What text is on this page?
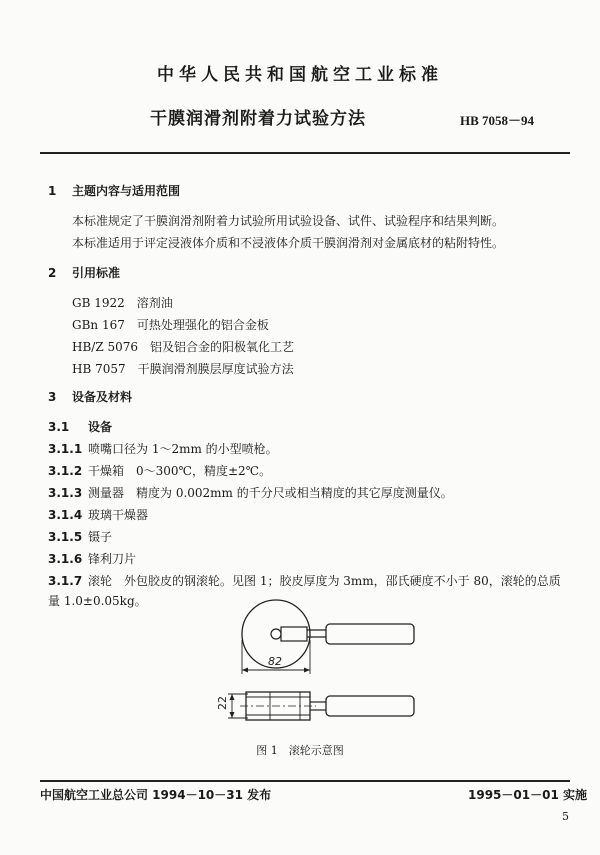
中华人民共和国航空工业标准
干膜润滑剂附着力试验方法	HB 7058－94
1 主题内容与适用范围
本标准规定了干膜润滑剂附着力试验所用试验设备、试件、试验程序和结果判断。
本标准适用于评定浸液体介质和不浸液体介质干膜润滑剂对金属底材的粘附特性。
2 引用标准
GB 1922　溶剂油
GBn 167　可热处理强化的铝合金板
HB/Z 5076　铝及铝合金的阳极氧化工艺
HB 7057　干膜润滑剂膜层厚度试验方法
3 设备及材料
3.1 设备
3.1.1 喷嘴口径为 1～2mm 的小型喷枪。
3.1.2 干燥箱　0～300℃，精度±2℃。
3.1.3 测量器　精度为 0.002mm 的千分尺或相当精度的其它厚度测量仪。
3.1.4 玻璃干燥器
3.1.5 镊子
3.1.6 锋利刀片
3.1.7 滚轮　外包胶皮的钢滚轮。见图 1；胶皮厚度为 3mm，邵氏硬度不小于 80，滚轮的总质
量 1.0±0.05kg。
82
22
图 1　滚轮示意图
中国航空工业总公司 1994－10－31 发布	1995－01－01 实施
5
